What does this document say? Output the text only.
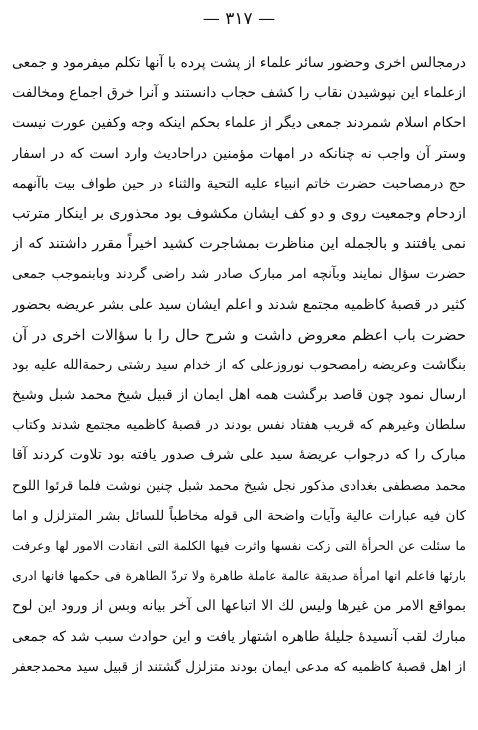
— ٣١٧ —
درمجالس اخری وحضور سائر علماء از پشت پرده با آنها تکلم میفرمود و جمعی
ازعلماء این نپوشیدن نقاب را کشف حجاب دانستند و آنرا خرق اجماع ومخالفت
احکام اسلام شمردند جمعی دیگر از علماء بحکم اینکه وجه وکفین عورت نیست
وستر آن واجب نه چنانکه در امهات مؤمنین دراحادیث وارد است که در اسفار
حج درمصاحبت حضرت خاتم انبیاء علیه التحیة والثناء در حین طواف بیت باآنهمه
ازدحام وجمعیت روی و دو کف ایشان مکشوف بود محذوری بر اینکار مترتب
نمی یافتند و بالجمله این مناظرت بمشاجرت کشید اخیراً مقرر داشتند که از
حضرت سؤال نمایند وبآنچه امر مبارک صادر شد راضی گردند وبابنموجب جمعی
کثیر در قصبۀ کاظمیه مجتمع شدند و اعلم ایشان سید علی بشر عریضه بحضور
حضرت باب اعظم معروض داشت و شرح حال را با سؤالات اخری در آن
بنگاشت وعریضه رامصحوب نوروزعلی که از خدام سید رشتی رحمةالله علیه بود
ارسال نمود چون قاصد برگشت همه اهل ایمان از قبیل شیخ محمد شبل وشیخ
سلطان وغیرهم که قریب هفتاد نفس بودند در قصبۀ کاظمیه مجتمع شدند وکتاب
مبارک را که درجواب عریضۀ سید علی شرف صدور یافته بود تلاوت کردند آقا
محمد مصطفی بغدادی مذکور نجل شیخ محمد شبل چنین نوشت فلما قرئوا اللوح
کان فیه عبارات عالیة وآیات واضحة الی قوله مخاطباً للسائل بشر المتزلزل و اما
ما سئلت عن الحرأة التی زکت نفسها واثرت فیها الکلمة التی انقادت الامور لها وعرفت
بارئها فاعلم انها امرأة صدیقة عالمة عاملة طاهرة ولا تردّ الطاهرة فی حکمها فانها ادری
بمواقع الامر من غیرها ولیس لك الا اتباعها الی آخر بیانه وبس از ورود این لوح
مبارك لقب آنسیدۀ جلیلۀ طاهره اشتهار یافت و این حوادث سبب شد که جمعی
از اهل قصبۀ کاظمیه که مدعی ایمان بودند متزلزل گشتند از قبیل سید محمدجعفر
